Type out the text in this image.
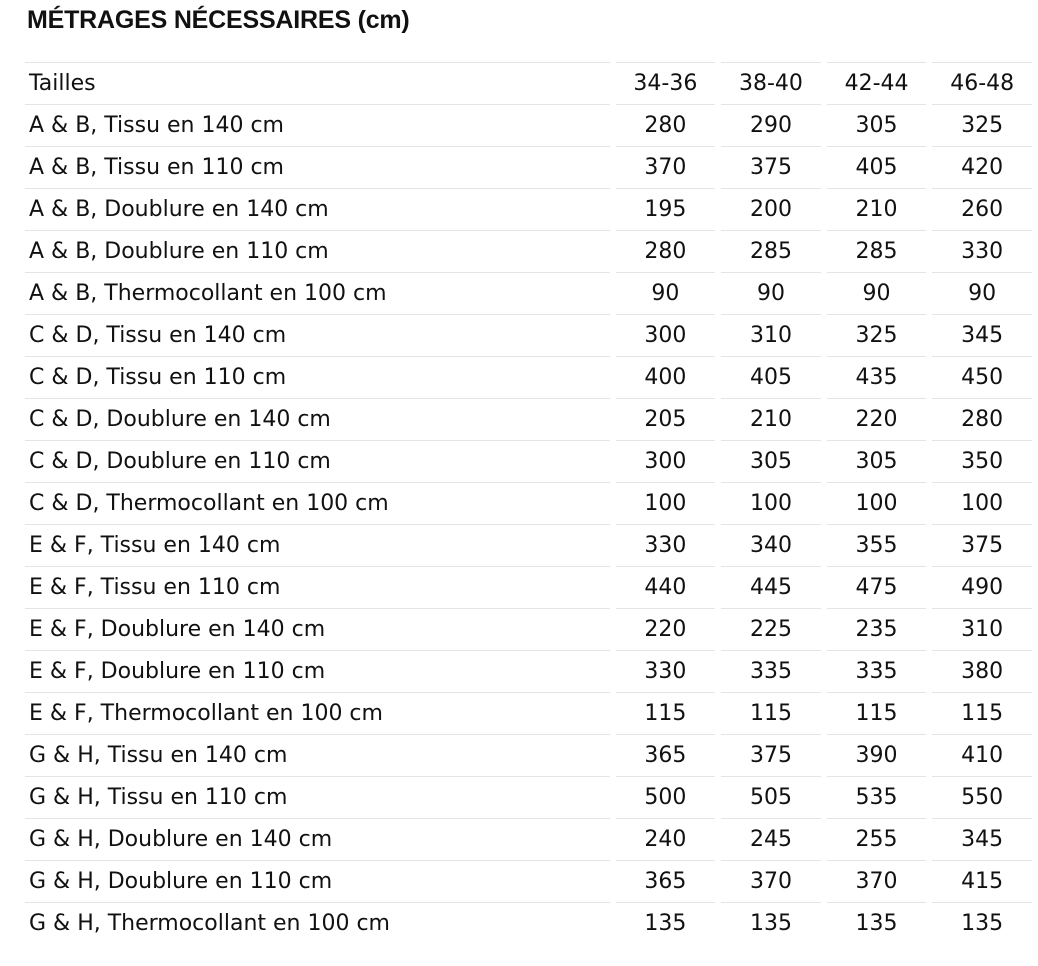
MÉTRAGES NÉCESSAIRES (cm)
Tailles	34-36	38-40	42-44	46-48
A & B, Tissu en 140 cm	280	290	305	325
A & B, Tissu en 110 cm	370	375	405	420
A & B, Doublure en 140 cm	195	200	210	260
A & B, Doublure en 110 cm	280	285	285	330
A & B, Thermocollant en 100 cm	90	90	90	90
C & D, Tissu en 140 cm	300	310	325	345
C & D, Tissu en 110 cm	400	405	435	450
C & D, Doublure en 140 cm	205	210	220	280
C & D, Doublure en 110 cm	300	305	305	350
C & D, Thermocollant en 100 cm	100	100	100	100
E & F, Tissu en 140 cm	330	340	355	375
E & F, Tissu en 110 cm	440	445	475	490
E & F, Doublure en 140 cm	220	225	235	310
E & F, Doublure en 110 cm	330	335	335	380
E & F, Thermocollant en 100 cm	115	115	115	115
G & H, Tissu en 140 cm	365	375	390	410
G & H, Tissu en 110 cm	500	505	535	550
G & H, Doublure en 140 cm	240	245	255	345
G & H, Doublure en 110 cm	365	370	370	415
G & H, Thermocollant en 100 cm	135	135	135	135
